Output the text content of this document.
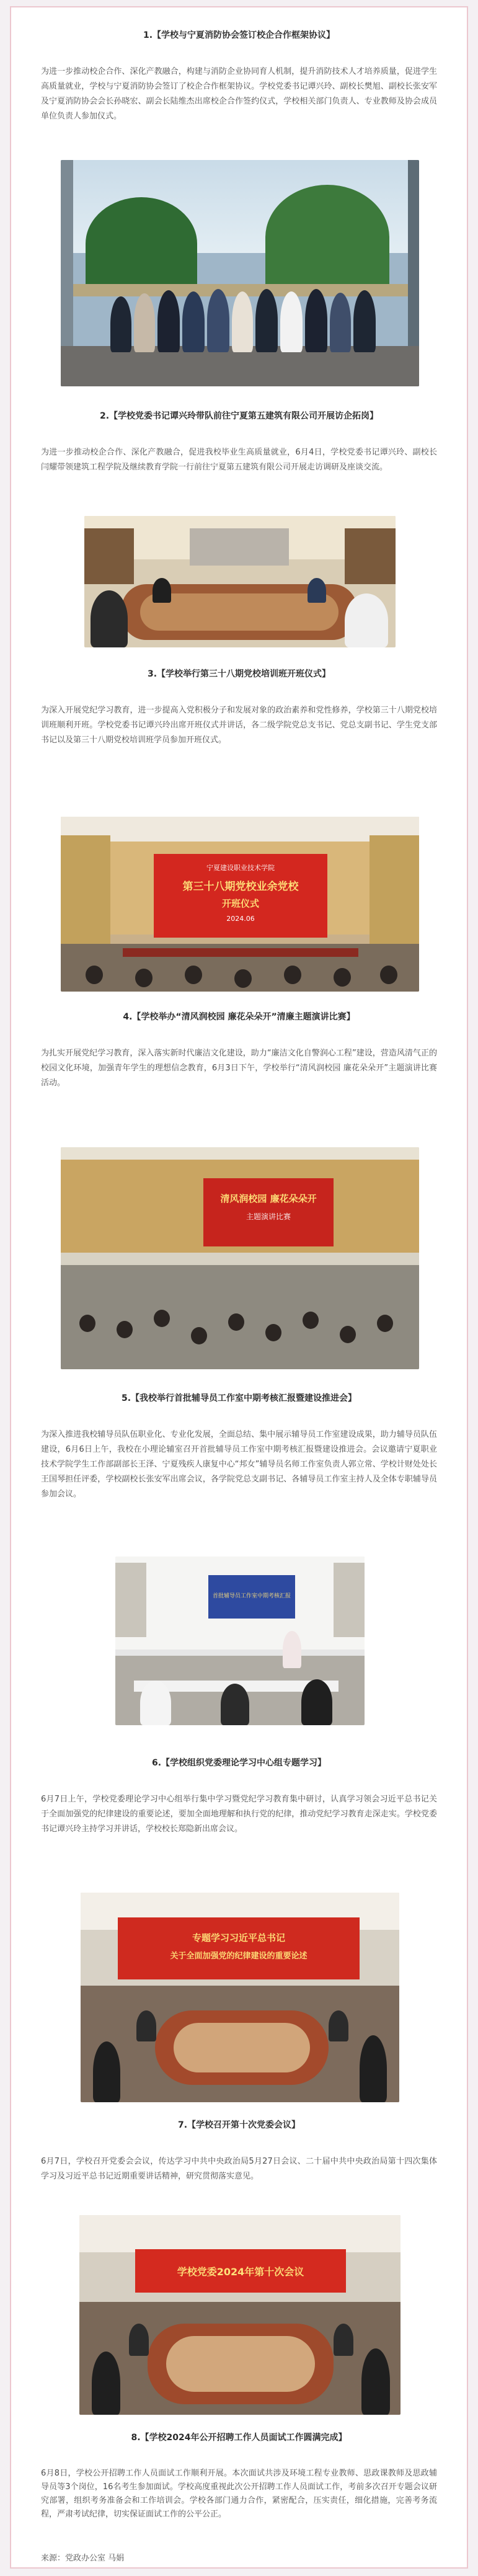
1.【学校与宁夏消防协会签订校企合作框架协议】
为进一步推动校企合作、深化产教融合，构建与消防企业协同育人机制，提升消防技术人才培养质量，促进学生高质量就业，学校与宁夏消防协会签订了校企合作框架协议。学校党委书记谭兴玲、副校长樊旭、副校长张安军及宁夏消防协会会长孙晓宏、副会长陆维杰出席校企合作签约仪式，学校相关部门负责人、专业教师及协会成员单位负责人参加仪式。
2.【学校党委书记谭兴玲带队前往宁夏第五建筑有限公司开展访企拓岗】
为进一步推动校企合作、深化产教融合，促进我校毕业生高质量就业，6月4日，学校党委书记谭兴玲、副校长闫耀带领建筑工程学院及继续教育学院一行前往宁夏第五建筑有限公司开展走访调研及座谈交流。
3.【学校举行第三十八期党校培训班开班仪式】
为深入开展党纪学习教育，进一步提高入党积极分子和发展对象的政治素养和党性修养，学校第三十八期党校培训班顺利开班。学校党委书记谭兴玲出席开班仪式并讲话，各二级学院党总支书记、党总支副书记、学生党支部书记以及第三十八期党校培训班学员参加开班仪式。
宁夏建设职业技术学院
第三十八期党校业余党校
开班仪式
2024.06
4.【学校举办“清风润校园 廉花朵朵开”清廉主题演讲比赛】
为扎实开展党纪学习教育，深入落实新时代廉洁文化建设，助力“廉洁文化自警润心工程”建设，营造风清气正的校园文化环境，加强青年学生的理想信念教育，6月3日下午，学校举行“清风润校园 廉花朵朵开”主题演讲比赛活动。
清风润校园 廉花朵朵开
主题演讲比赛
5.【我校举行首批辅导员工作室中期考核汇报暨建设推进会】
为深入推进我校辅导员队伍职业化、专业化发展，全面总结、集中展示辅导员工作室建设成果，助力辅导员队伍建设，6月6日上午，我校在小理论辅室召开首批辅导员工作室中期考核汇报暨建设推进会。会议邀请宁夏职业技术学院学生工作部副部长王泽、宁夏残疾人康复中心“邦女”辅导员名师工作室负责人郭立常、学校计财处处长王国琴担任评委，学校副校长张安军出席会议，各学院党总支副书记、各辅导员工作室主持人及全体专职辅导员参加会议。
首批辅导员工作室中期考核汇报
6.【学校组织党委理论学习中心组专题学习】
6月7日上午，学校党委理论学习中心组举行集中学习暨党纪学习教育集中研讨，认真学习领会习近平总书记关于全面加强党的纪律建设的重要论述，要加全面地理解和执行党的纪律，推动党纪学习教育走深走实。学校党委书记谭兴玲主持学习并讲话，学校校长郑隐新出席会议。
专题学习习近平总书记
关于全面加强党的纪律建设的重要论述
7.【学校召开第十次党委会议】
6月7日，学校召开党委会会议，传达学习中共中央政治局5月27日会议、二十届中共中央政治局第十四次集体学习及习近平总书记近期重要讲话精神，研究贯彻落实意见。
学校党委2024年第十次会议
8.【学校2024年公开招聘工作人员面试工作圆满完成】
6月8日，学校公开招聘工作人员面试工作顺利开展。本次面试共涉及环境工程专业教师、思政课教师及思政辅导员等3个岗位，16名考生参加面试。学校高度重视此次公开招聘工作人员面试工作，考前多次召开专题会议研究部署，组织考务准备会和工作培训会。学校各部门通力合作，紧密配合，压实责任，细化措施，完善考务流程，严肃考试纪律，切实保证面试工作的公平公正。
来源：党政办公室 马娟
